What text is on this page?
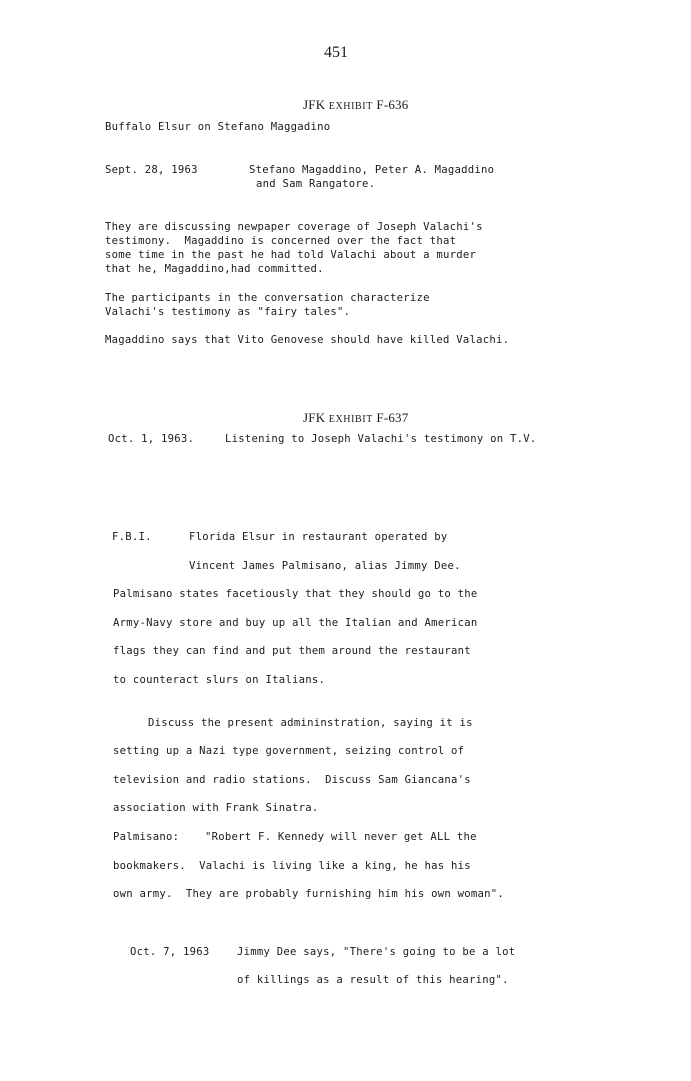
451
JFK EXHIBIT F-636
Buffalo Elsur on Stefano Maggadino
Sept. 28, 1963	Stefano Magaddino, Peter A. Magaddino
and Sam Rangatore.
They are discussing newpaper coverage of Joseph Valachi's
testimony.  Magaddino is concerned over the fact that
some time in the past he had told Valachi about a murder
that he, Magaddino,had committed.
The participants in the conversation characterize
Valachi's testimony as "fairy tales".
Magaddino says that Vito Genovese should have killed Valachi.
JFK EXHIBIT F-637
Oct. 1, 1963.	Listening to Joseph Valachi's testimony on T.V.
F.B.I.	Florida Elsur in restaurant operated by
Vincent James Palmisano, alias Jimmy Dee.
Palmisano states facetiously that they should go to the
Army-Navy store and buy up all the Italian and American
flags they can find and put them around the restaurant
to counteract slurs on Italians.
Discuss the present admininstration, saying it is
setting up a Nazi type government, seizing control of
television and radio stations.  Discuss Sam Giancana's
association with Frank Sinatra.
Palmisano: "Robert F. Kennedy will never get ALL the
bookmakers.  Valachi is living like a king, he has his
own army.  They are probably furnishing him his own woman".
Oct. 7, 1963	Jimmy Dee says, "There's going to be a lot
of killings as a result of this hearing".
